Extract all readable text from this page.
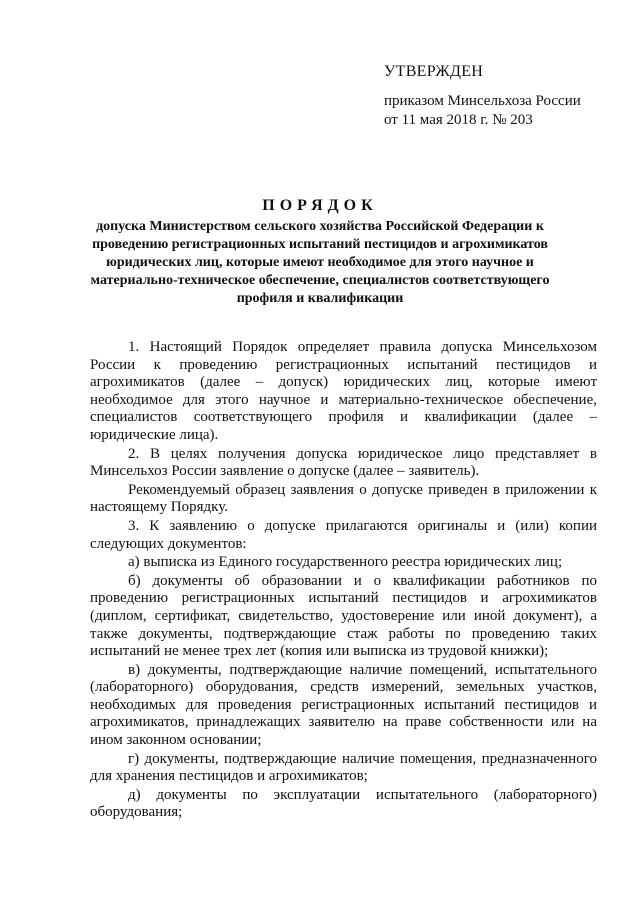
УТВЕРЖДЕН
приказом Минсельхоза России
от 11 мая 2018 г. № 203
ПОРЯДОК
допуска Министерством сельского хозяйства Российской Федерации к проведению регистрационных испытаний пестицидов и агрохимикатов юридических лиц, которые имеют необходимое для этого научное и материально-техническое обеспечение, специалистов соответствующего профиля и квалификации

1. Настоящий Порядок определяет правила допуска Минсельхозом России к проведению регистрационных испытаний пестицидов и агрохимикатов (далее – допуск) юридических лиц, которые имеют необходимое для этого научное и материально-техническое обеспечение, специалистов соответствующего профиля и квалификации (далее – юридические лица).

2. В целях получения допуска юридическое лицо представляет в Минсельхоз России заявление о допуске (далее – заявитель).

Рекомендуемый образец заявления о допуске приведен в приложении к настоящему Порядку.

3. К заявлению о допуске прилагаются оригиналы и (или) копии следующих документов:

а) выписка из Единого государственного реестра юридических лиц;

б) документы об образовании и о квалификации работников по проведению регистрационных испытаний пестицидов и агрохимикатов (диплом, сертификат, свидетельство, удостоверение или иной документ), а также документы, подтверждающие стаж работы по проведению таких испытаний не менее трех лет (копия или выписка из трудовой книжки);

в) документы, подтверждающие наличие помещений, испытательного (лабораторного) оборудования, средств измерений, земельных участков, необходимых для проведения регистрационных испытаний пестицидов и агрохимикатов, принадлежащих заявителю на праве собственности или на ином законном основании;

г) документы, подтверждающие наличие помещения, предназначенного для хранения пестицидов и агрохимикатов;

д) документы по эксплуатации испытательного (лабораторного) оборудования;
